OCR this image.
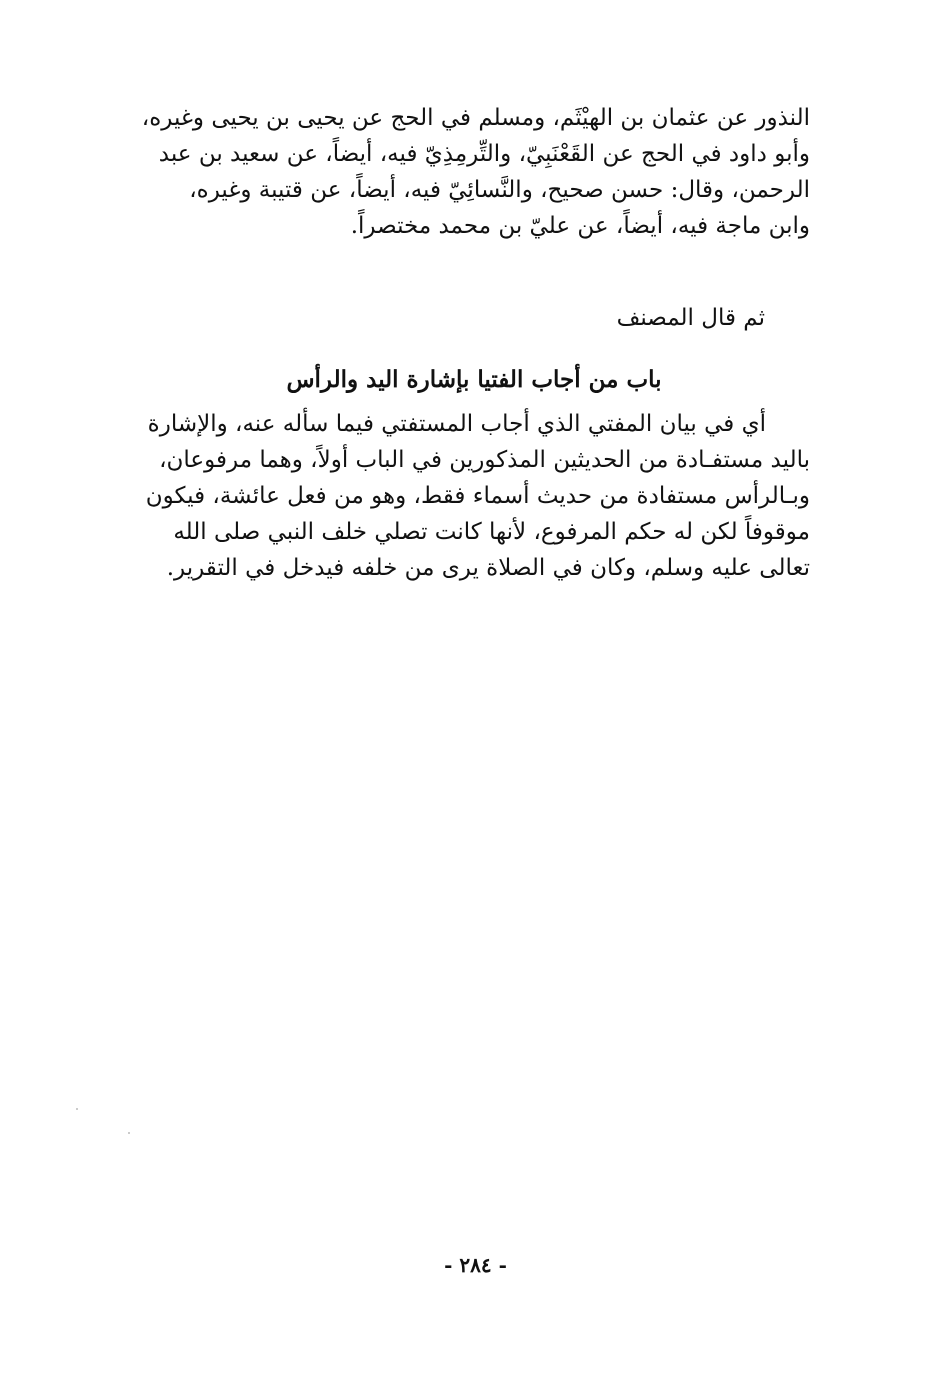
النذور عن عثمان بن الهيْثَم، ومسلم في الحج عن يحيى بن يحيى وغيره،
وأبو داود في الحج عن القَعْنَبِيّ، والتِّرمِذِيّ فيه، أيضاً، عن سعيد بن عبد
الرحمن، وقال: حسن صحيح، والنَّسائِيّ فيه، أيضاً، عن قتيبة وغيره،
وابن ماجة فيه، أيضاً، عن عليّ بن محمد مختصراً.
ثم قال المصنف
باب من أجاب الفتيا بإشارة اليد والرأس
أي في بيان المفتي الذي أجاب المستفتي فيما سأله عنه، والإشارة
باليد مستفـادة من الحديثين المذكورين في الباب أولاً، وهما مرفوعان،
وبـالرأس مستفادة من حديث أسماء فقط، وهو من فعل عائشة، فيكون
موقوفاً لكن له حكم المرفوع، لأنها كانت تصلي خلف النبي صلى الله
تعالى عليه وسلم، وكان في الصلاة يرى من خلفه فيدخل في التقرير.
- ٢٨٤ -
